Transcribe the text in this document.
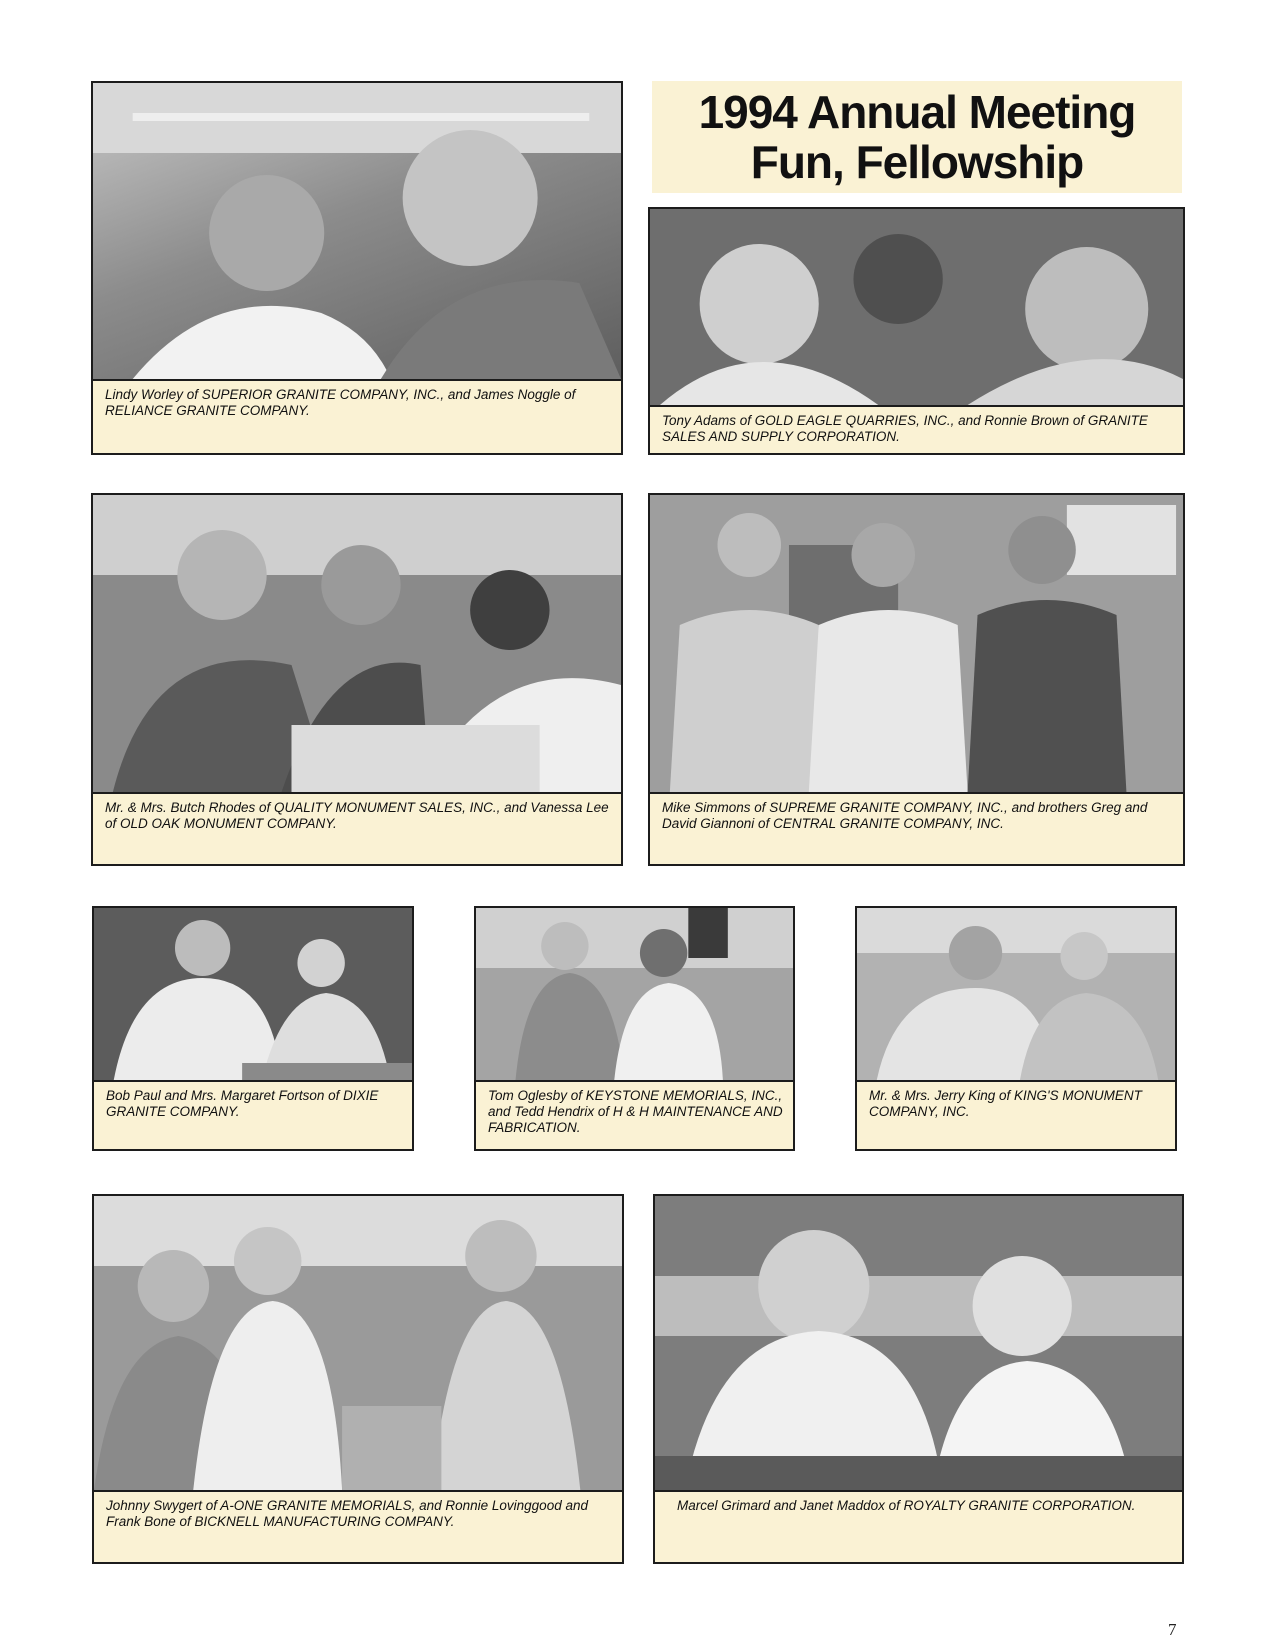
1994 Annual Meeting
Fun, Fellowship
Lindy Worley of SUPERIOR GRANITE COMPANY, INC., and James Noggle of RELIANCE GRANITE COMPANY.
Tony Adams of GOLD EAGLE QUARRIES, INC., and Ronnie Brown of GRANITE SALES AND SUPPLY CORPORATION.
Mr. & Mrs. Butch Rhodes of QUALITY MONUMENT SALES, INC., and Vanessa Lee of OLD OAK MONUMENT COMPANY.
Mike Simmons of SUPREME GRANITE COMPANY, INC., and brothers Greg and David Giannoni of CENTRAL GRANITE COMPANY, INC.
Bob Paul and Mrs. Margaret Fortson of DIXIE GRANITE COMPANY.
Tom Oglesby of KEYSTONE MEMORIALS, INC., and Tedd Hendrix of H & H MAINTENANCE AND FABRICATION.
Mr. & Mrs. Jerry King of KING'S MONUMENT COMPANY, INC.
Johnny Swygert of A-ONE GRANITE MEMORIALS, and Ronnie Lovinggood and Frank Bone of BICKNELL MANUFACTURING COMPANY.
Marcel Grimard and Janet Maddox of ROYALTY GRANITE CORPORATION.
7
